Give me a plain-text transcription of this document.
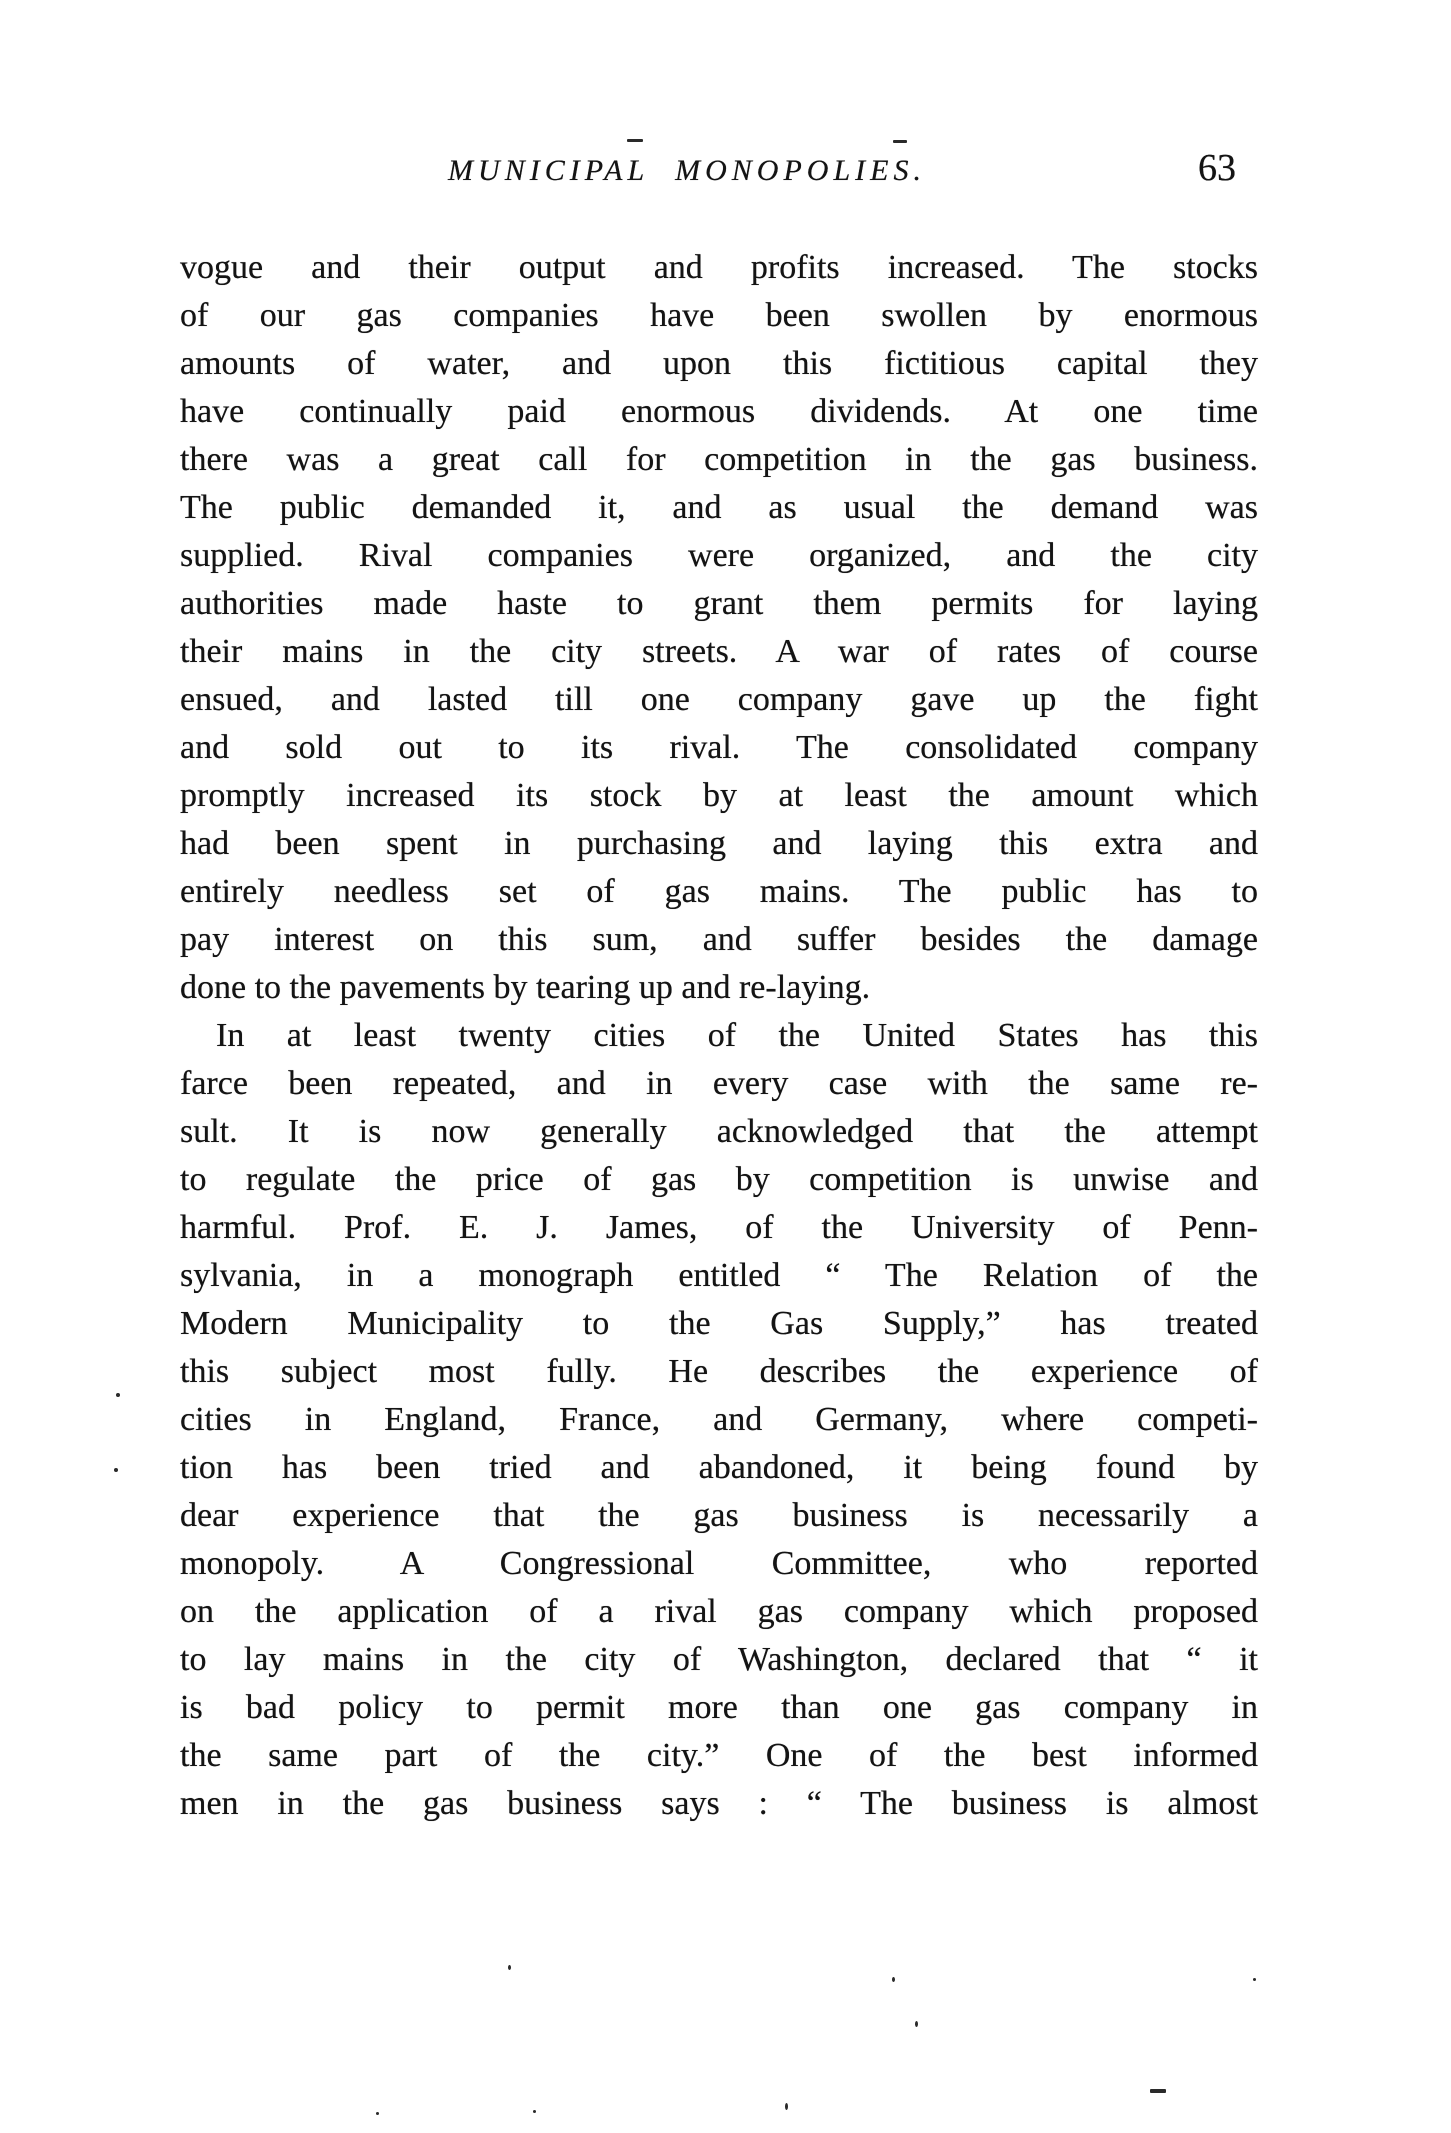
MUNICIPAL MONOPOLIES.	63
vogue and their output and profits increased. The stocks
of our gas companies have been swollen by enormous
amounts of water, and upon this fictitious capital they
have continually paid enormous dividends. At one time
there was a great call for competition in the gas business.
The public demanded it, and as usual the demand was
supplied. Rival companies were organized, and the city
authorities made haste to grant them permits for laying
their mains in the city streets. A war of rates of course
ensued, and lasted till one company gave up the fight
and sold out to its rival. The consolidated company
promptly increased its stock by at least the amount which
had been spent in purchasing and laying this extra and
entirely needless set of gas mains. The public has to
pay interest on this sum, and suffer besides the damage
done to the pavements by tearing up and re-laying.
In at least twenty cities of the United States has this
farce been repeated, and in every case with the same re-
sult. It is now generally acknowledged that the attempt
to regulate the price of gas by competition is unwise and
harmful. Prof. E. J. James, of the University of Penn-
sylvania, in a monograph entitled “ The Relation of the
Modern Municipality to the Gas Supply,” has treated
this subject most fully. He describes the experience of
cities in England, France, and Germany, where competi-
tion has been tried and abandoned, it being found by
dear experience that the gas business is necessarily a
monopoly. A Congressional Committee, who reported
on the application of a rival gas company which proposed
to lay mains in the city of Washington, declared that “ it
is bad policy to permit more than one gas company in
the same part of the city.” One of the best informed
men in the gas business says : “ The business is almost
